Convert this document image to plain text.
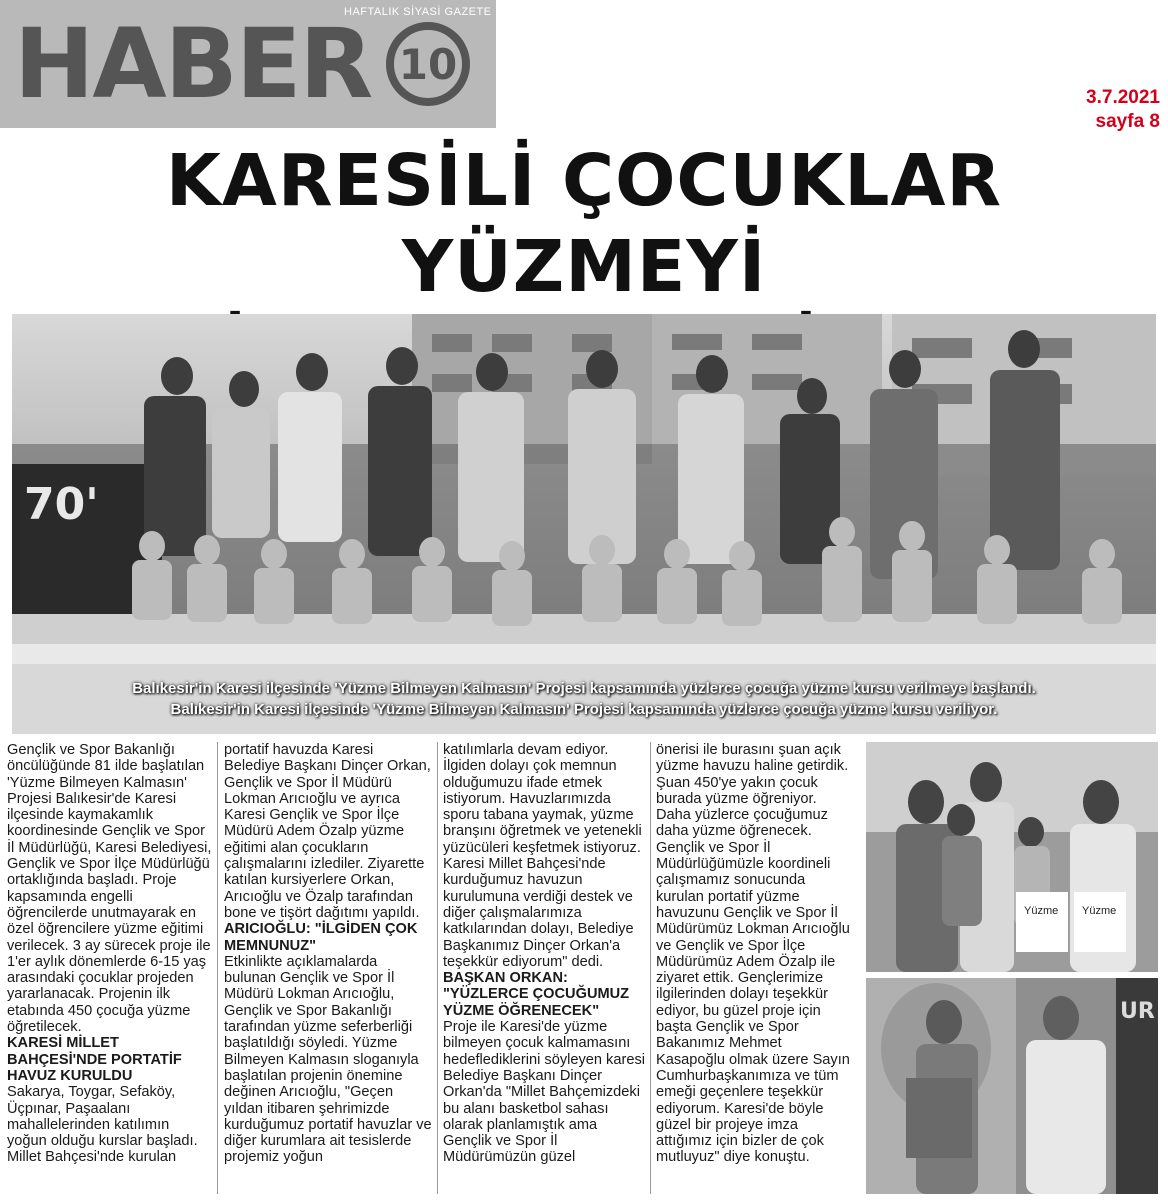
HAFTALIK SİYASİ GAZETE
HABER 10
3.7.2021
sayfa 8
KARESİLİ ÇOCUKLAR YÜZMEYİ

70'
Balıkesir'in Karesi ilçesinde 'Yüzme Bilmeyen Kalmasın' Projesi kapsamında yüzlerce çocuğa yüzme kursu verilmeye başlandı.
Balıkesir'in Karesi ilçesinde 'Yüzme Bilmeyen Kalmasın' Projesi kapsamında yüzlerce çocuğa yüzme kursu veriliyor.

Gençlik ve Spor Bakanlığı öncülüğünde 81 ilde başlatılan 'Yüzme Bilmeyen Kalmasın' Projesi Balıkesir'de Karesi ilçesinde kaymakamlık koordinesinde Gençlik ve Spor İl Müdürlüğü, Karesi Belediyesi, Gençlik ve Spor İlçe Müdürlüğü ortaklığında başladı. Proje kapsamında engelli öğrencilerde unutmayarak en özel öğrencilere yüzme eğitimi verilecek. 3 ay sürecek proje ile 1'er aylık dönemlerde 6-15 yaş arasındaki çocuklar projeden yararlanacak. Projenin ilk etabında 450 çocuğa yüzme öğretilecek.

KARESİ MİLLET BAHÇESİ'NDE PORTATİF HAVUZ KURULDU

Sakarya, Toygar, Sefaköy, Üçpınar, Paşaalanı mahallelerinden katılımın yoğun olduğu kurslar başladı. Millet Bahçesi'nde kurulan

portatif havuzda Karesi Belediye Başkanı Dinçer Orkan, Gençlik ve Spor İl Müdürü Lokman Arıcıoğlu ve ayrıca Karesi Gençlik ve Spor İlçe Müdürü Adem Özalp yüzme eğitimi alan çocukların çalışmalarını izlediler. Ziyarette katılan kursiyerlere Orkan, Arıcıoğlu ve Özalp tarafından bone ve tişört dağıtımı yapıldı.

ARICIOĞLU: "İLGİDEN ÇOK MEMNUNUZ"

Etkinlikte açıklamalarda bulunan Gençlik ve Spor İl Müdürü Lokman Arıcıoğlu, Gençlik ve Spor Bakanlığı tarafından yüzme seferberliği başlatıldığı söyledi. Yüzme Bilmeyen Kalmasın sloganıyla başlatılan projenin önemine değinen Arıcıoğlu, "Geçen yıldan itibaren şehrimizde kurduğumuz portatif havuzlar ve diğer kurumlara ait tesislerde projemiz yoğun

katılımlarla devam ediyor. İlgiden dolayı çok memnun olduğumuzu ifade etmek istiyorum. Havuzlarımızda sporu tabana yaymak, yüzme branşını öğretmek ve yetenekli yüzücüleri keşfetmek istiyoruz. Karesi Millet Bahçesi'nde kurduğumuz havuzun kurulumuna verdiği destek ve diğer çalışmalarımıza katkılarından dolayı, Belediye Başkanımız Dinçer Orkan'a teşekkür ediyorum" dedi.

BAŞKAN ORKAN: "YÜZLERCE ÇOCUĞUMUZ YÜZME ÖĞRENECEK"

Proje ile Karesi'de yüzme bilmeyen çocuk kalmamasını hedeflediklerini söyleyen karesi Belediye Başkanı Dinçer Orkan'da "Millet Bahçemizdeki bu alanı basketbol sahası olarak planlamıştık ama Gençlik ve Spor İl Müdürümüzün güzel

önerisi ile burasını şuan açık yüzme havuzu haline getirdik. Şuan 450'ye yakın çocuk burada yüzme öğreniyor. Daha yüzlerce çocuğumuz daha yüzme öğrenecek. Gençlik ve Spor İl Müdürlüğümüzle koordineli çalışmamız sonucunda kurulan portatif yüzme havuzunu Gençlik ve Spor İl Müdürümüz Lokman Arıcıoğlu ve Gençlik ve Spor İlçe Müdürümüz Adem Özalp ile ziyaret ettik. Gençlerimize ilgilerinden dolayı teşekkür ediyor, bu güzel proje için başta Gençlik ve Spor Bakanımız Mehmet Kasapoğlu olmak üzere Sayın Cumhurbaşkanımıza ve tüm emeği geçenlere teşekkür ediyorum. Karesi'de böyle güzel bir projeye imza attığımız için bizler de çok mutluyuz" diye konuştu.

Yüzme Yüzme
UR
